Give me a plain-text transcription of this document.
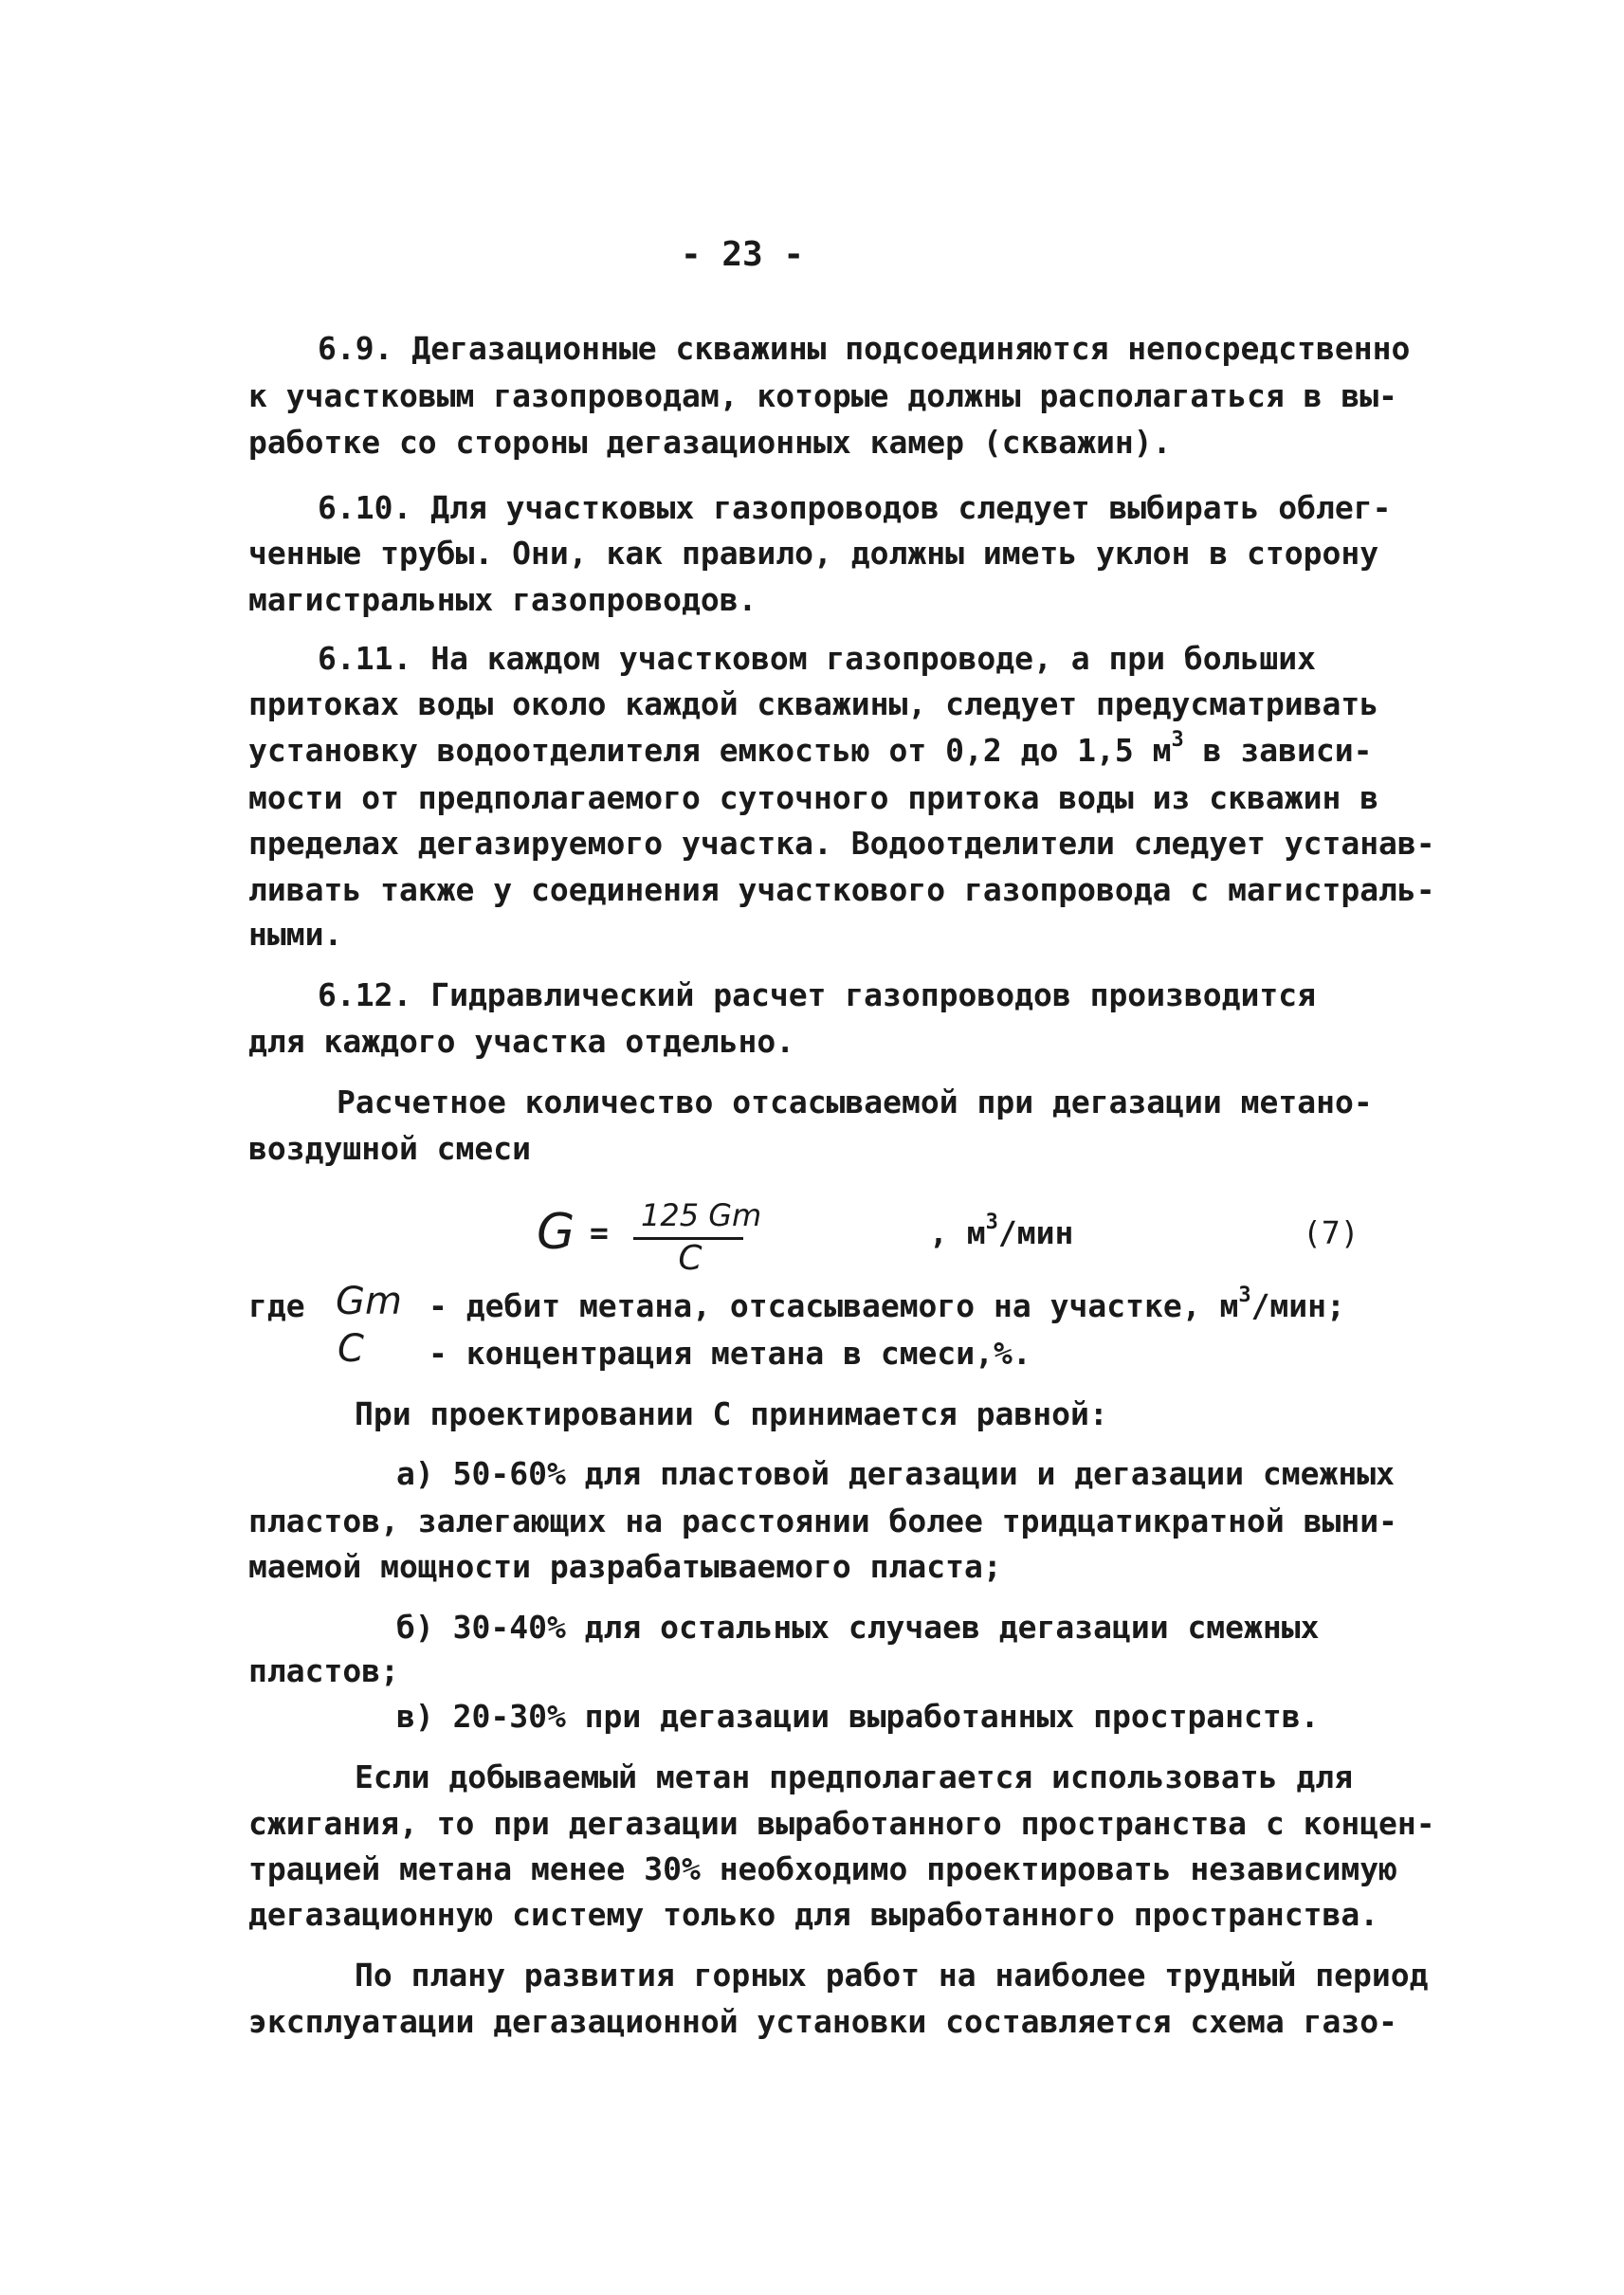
- 23 -
6.9. Дегазационные скважины подсоединяются непосредственно
к участковым газопроводам, которые должны располагаться в вы-
работке со стороны дегазационных камер (скважин).
6.10. Для участковых газопроводов следует выбирать облег-
ченные трубы. Они, как правило, должны иметь уклон в сторону
магистральных газопроводов.
6.11. На каждом участковом газопроводе, а при больших
притоках воды около каждой скважины, следует предусматривать
установку водоотделителя емкостью от 0,2 до 1,5 $м^3$ в зависи-
мости от предполагаемого суточного притока воды из скважин в
пределах дегазируемого участка. Водоотделители следует устанав-
ливать также у соединения участкового газопровода с магистраль-
ными.
6.12. Гидравлический расчет газопроводов производится
для каждого участка отдельно.
Расчетное количество отсасываемой при дегазации метано-
воздушной смеси
G = 125 Gm
C
, $м^3$/мин	(7)
где Gm - дебит метана, отсасываемого на участке, $м^3$/мин;
C - концентрация метана в смеси,%.
При проектировании C принимается равной:
а) 50-60% для пластовой дегазации и дегазации смежных
пластов, залегающих на расстоянии более тридцатикратной выни-
маемой мощности разрабатываемого пласта;
б) 30-40% для остальных случаев дегазации смежных
пластов;
в) 20-30% при дегазации выработанных пространств.
Если добываемый метан предполагается использовать для
сжигания, то при дегазации выработанного пространства с концен-
трацией метана менее 30% необходимо проектировать независимую
дегазационную систему только для выработанного пространства.
По плану развития горных работ на наиболее трудный период
эксплуатации дегазационной установки составляется схема газо-
